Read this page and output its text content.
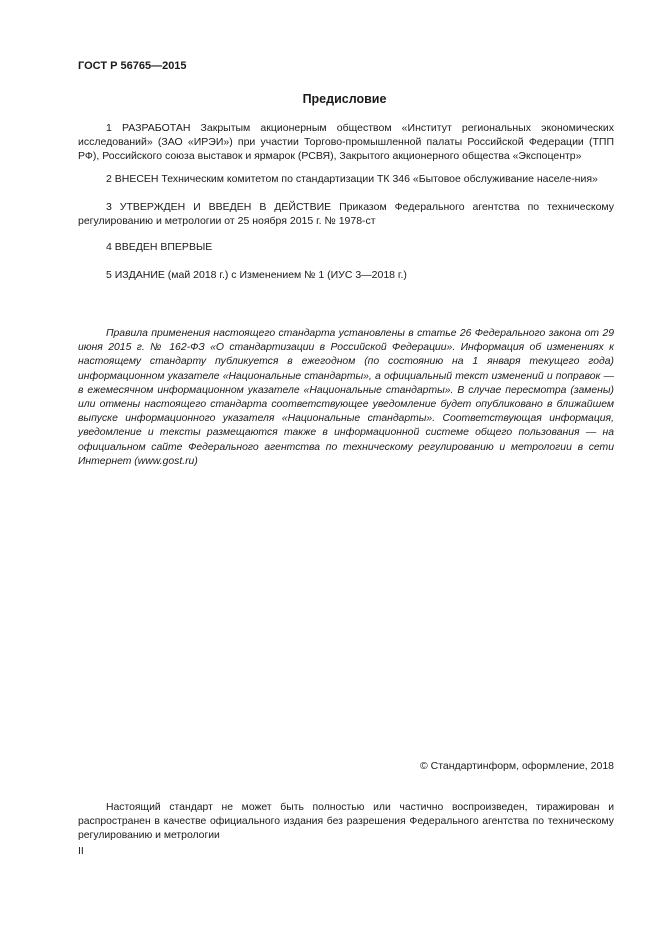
ГОСТ Р 56765—2015
Предисловие
1 РАЗРАБОТАН Закрытым акционерным обществом «Институт региональных экономических исследований» (ЗАО «ИРЭИ») при участии Торгово-промышленной палаты Российской Федерации (ТПП РФ), Российского союза выставок и ярмарок (РСВЯ), Закрытого акционерного общества «Экспоцентр»
2 ВНЕСЕН Техническим комитетом по стандартизации ТК 346 «Бытовое обслуживание населе-ния»
3 УТВЕРЖДЕН И ВВЕДЕН В ДЕЙСТВИЕ Приказом Федерального агентства по техническому регулированию и метрологии от 25 ноября 2015 г. № 1978-ст
4 ВВЕДЕН ВПЕРВЫЕ
5 ИЗДАНИЕ (май 2018 г.) с Изменением № 1 (ИУС 3—2018 г.)
Правила применения настоящего стандарта установлены в статье 26 Федерального закона от 29 июня 2015 г. № 162-ФЗ «О стандартизации в Российской Федерации». Информация об изменениях к настоящему стандарту публикуется в ежегодном (по состоянию на 1 января текущего года) информационном указателе «Национальные стандарты», а официальный текст изменений и поправок — в ежемесячном информационном указателе «Национальные стандарты». В случае пересмотра (замены) или отмены настоящего стандарта соответствующее уведомление будет опубликовано в ближайшем выпуске информационного указателя «Национальные стандарты». Соответствующая информация, уведомление и тексты размещаются также в информационной системе общего пользования — на официальном сайте Федерального агентства по техническому регулированию и метрологии в сети Интернет (www.gost.ru)
© Стандартинформ, оформление, 2018
Настоящий стандарт не может быть полностью или частично воспроизведен, тиражирован и распространен в качестве официального издания без разрешения Федерального агентства по техническому регулированию и метрологии
II
